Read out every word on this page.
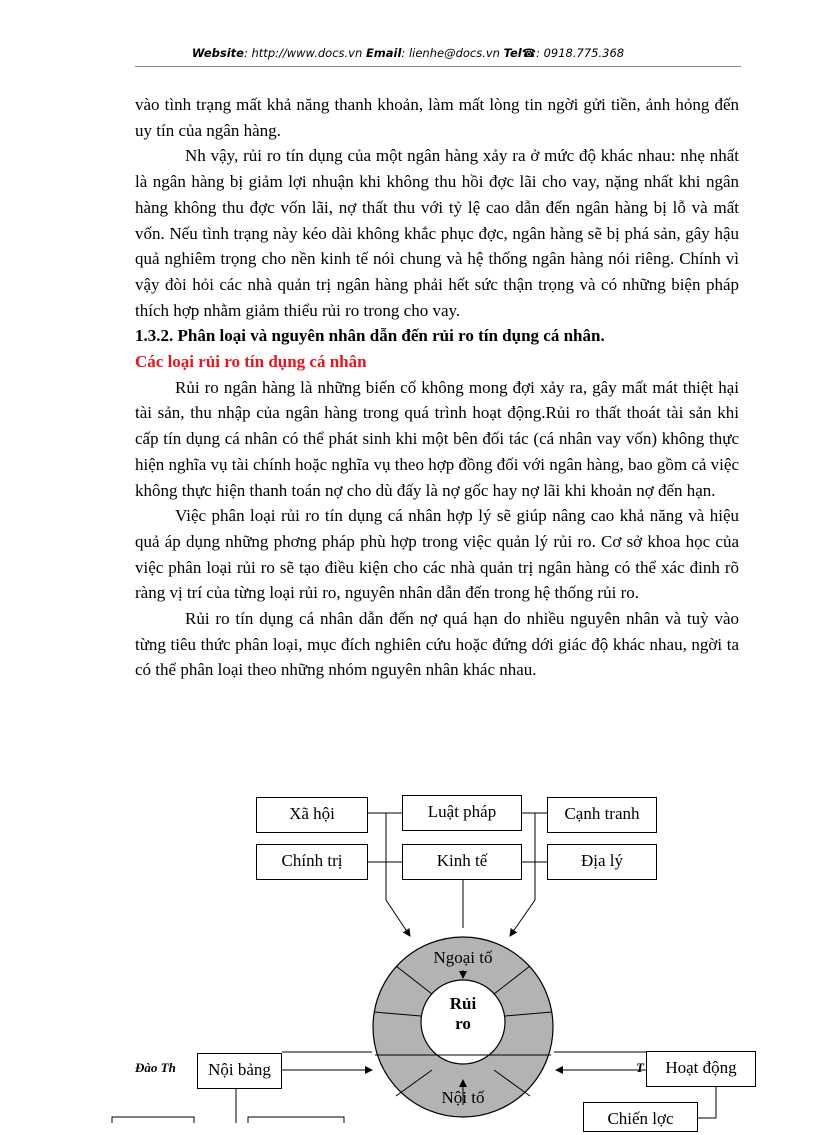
Website: http://www.docs.vn Email: lienhe@docs.vn Tel☎: 0918.775.368

vào tình trạng mất khả năng thanh khoản, làm mất lòng tin ngời gửi tiền, ảnh hỏng đến uy tín của ngân hàng.

Nh vậy, rủi ro tín dụng của một ngân hàng xảy ra ở mức độ khác nhau: nhẹ nhất là ngân hàng bị giảm lợi nhuận khi không thu hồi đợc lãi cho vay, nặng nhất khi ngân hàng không thu đợc vốn lãi, nợ thất thu với tỷ lệ cao dẫn đến ngân hàng bị lỗ và mất vốn. Nếu tình trạng này kéo dài không khắc phục đợc, ngân hàng sẽ bị phá sản, gây hậu quả nghiêm trọng cho nền kinh tế nói chung và hệ thống ngân hàng nói riêng. Chính vì vậy đòi hỏi các nhà quản trị ngân hàng phải hết sức thận trọng và có những biện pháp thích hợp nhằm giảm thiểu rủi ro trong cho vay.

1.3.2. Phân loại và nguyên nhân dẫn đến rủi ro tín dụng cá nhân.

Các loại rủi ro tín dụng cá nhân

Rủi ro ngân hàng là những biến cố không mong đợi xảy ra, gây mất mát thiệt hại tài sản, thu nhập của ngân hàng trong quá trình hoạt động.Rủi ro thất thoát tài sản khi cấp tín dụng cá nhân có thể phát sinh khi một bên đối tác (cá nhân vay vốn) không thực hiện nghĩa vụ tài chính hoặc nghĩa vụ theo hợp đồng đối với ngân hàng, bao gồm cả việc không thực hiện thanh toán nợ cho dù đấy là nợ gốc hay nợ lãi khi khoản nợ đến hạn.

Việc phân loại rủi ro tín dụng cá nhân hợp lý sẽ giúp nâng cao khả năng và hiệu quả áp dụng những phơng pháp phù hợp trong việc quản lý rủi ro. Cơ sở khoa học của việc phân loại rủi ro sẽ tạo điều kiện cho các nhà quản trị ngân hàng có thể xác đinh rõ ràng vị trí của từng loại rủi ro, nguyên nhân dẫn đến trong hệ thống rủi ro.

Rủi ro tín dụng cá nhân dẫn đến nợ quá hạn do nhiều nguyên nhân và tuỳ vào từng tiêu thức phân loại, mục đích nghiên cứu hoặc đứng dới giác độ khác nhau, ngời ta có thể phân loại theo những nhóm nguyên nhân khác nhau.

Xã hội	Luật pháp	Cạnh tranh
Chính trị	Kinh tế	Địa lý
Ngoại tố
Rủi ro
Nội tố
Nội bảng	Hoạt động
Chiến lợc
Đào Th	T
